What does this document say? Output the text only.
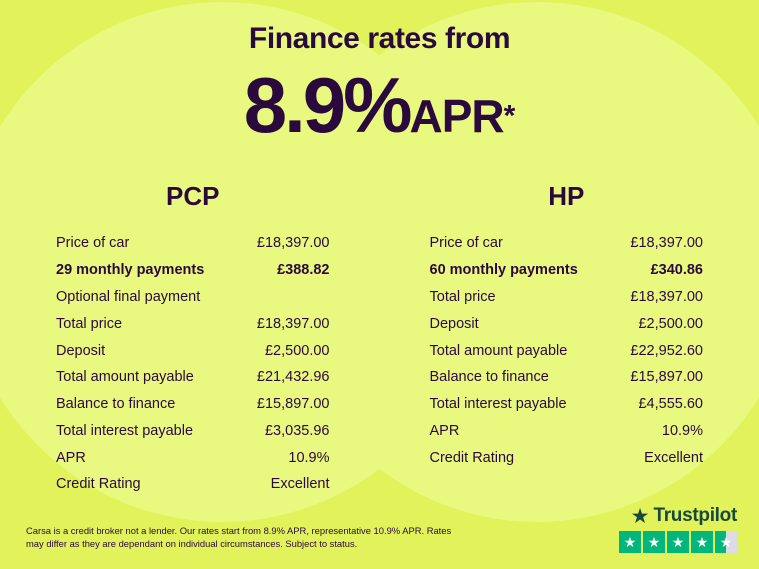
Finance rates from
8.9%APR*
PCP
Price of car	£18,397.00
29 monthly payments	£388.82
Optional final payment
Total price	£18,397.00
Deposit	£2,500.00
Total amount payable	£21,432.96
Balance to finance	£15,897.00
Total interest payable	£3,035.96
APR	10.9%
Credit Rating	Excellent
HP
Price of car	£18,397.00
60 monthly payments	£340.86
Total price	£18,397.00
Deposit	£2,500.00
Total amount payable	£22,952.60
Balance to finance	£15,897.00
Total interest payable	£4,555.60
APR	10.9%
Credit Rating	Excellent
Carsa is a credit broker not a lender. Our rates start from 8.9% APR, representative 10.9% APR. Rates may differ as they are dependant on individual circumstances. Subject to status.
★ Trustpilot
★ ★ ★ ★ ★
